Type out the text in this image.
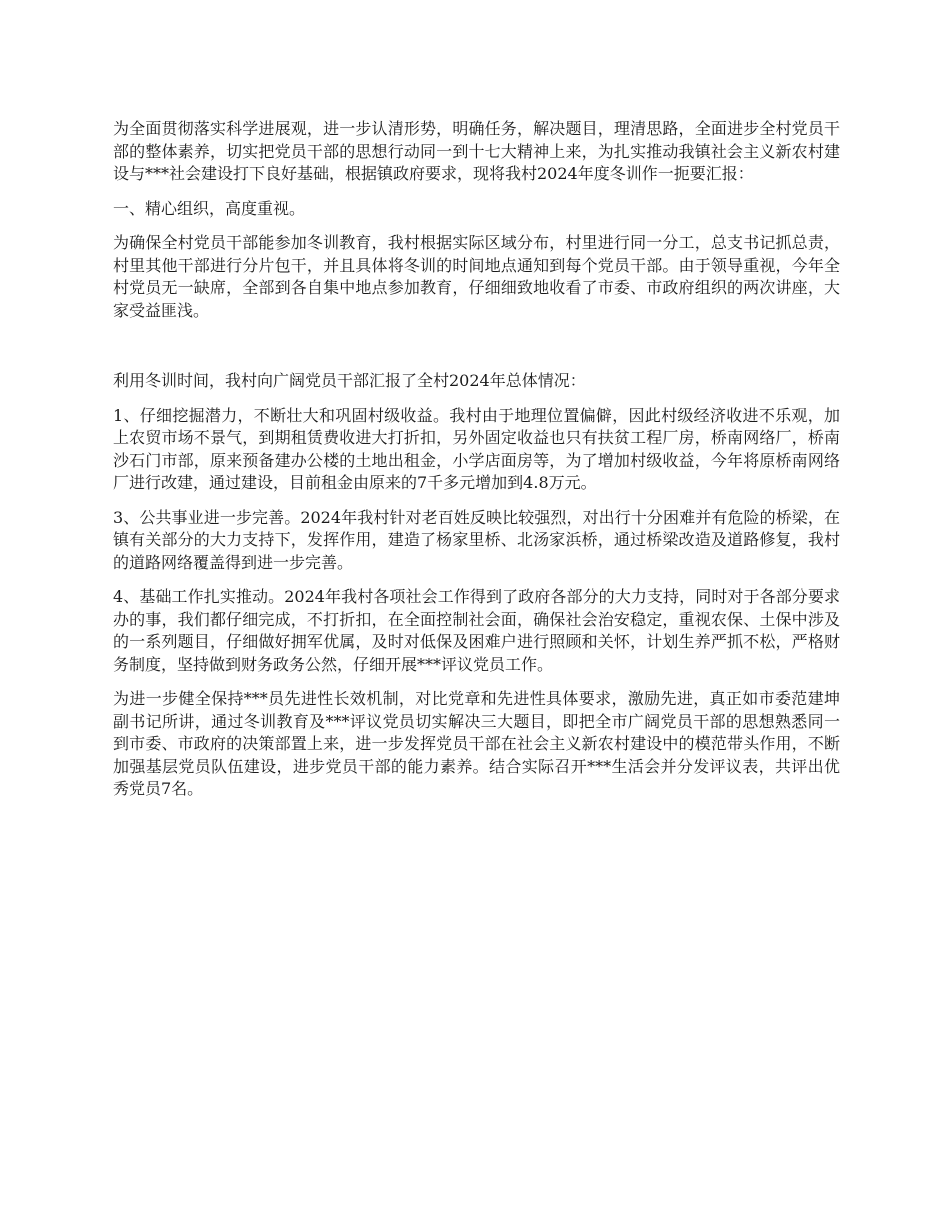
为全面贯彻落实科学进展观，进一步认清形势，明确任务，解决题目，理清思路，全面进步全村党员干部的整体素养，切实把党员干部的思想行动同一到十七大精神上来，为扎实推动我镇社会主义新农村建设与***社会建设打下良好基础，根据镇政府要求，现将我村2024年度冬训作一扼要汇报：

一、精心组织，高度重视。

为确保全村党员干部能参加冬训教育，我村根据实际区域分布，村里进行同一分工，总支书记抓总责，村里其他干部进行分片包干，并且具体将冬训的时间地点通知到每个党员干部。由于领导重视，今年全村党员无一缺席，全部到各自集中地点参加教育，仔细细致地收看了市委、市政府组织的两次讲座，大家受益匪浅。

利用冬训时间，我村向广阔党员干部汇报了全村2024年总体情况：

1、仔细挖掘潜力，不断壮大和巩固村级收益。我村由于地理位置偏僻，因此村级经济收进不乐观，加上农贸市场不景气，到期租赁费收进大打折扣，另外固定收益也只有扶贫工程厂房，桥南网络厂，桥南沙石门市部，原来预备建办公楼的土地出租金，小学店面房等，为了增加村级收益，今年将原桥南网络厂进行改建，通过建设，目前租金由原来的7千多元增加到4.8万元。

3、公共事业进一步完善。2024年我村针对老百姓反映比较强烈，对出行十分困难并有危险的桥梁，在镇有关部分的大力支持下，发挥作用，建造了杨家里桥、北汤家浜桥，通过桥梁改造及道路修复，我村的道路网络覆盖得到进一步完善。

4、基础工作扎实推动。2024年我村各项社会工作得到了政府各部分的大力支持，同时对于各部分要求办的事，我们都仔细完成，不打折扣，在全面控制社会面，确保社会治安稳定，重视农保、土保中涉及的一系列题目，仔细做好拥军优属，及时对低保及困难户进行照顾和关怀，计划生养严抓不松，严格财务制度，坚持做到财务政务公然，仔细开展***评议党员工作。

为进一步健全保持***员先进性长效机制，对比党章和先进性具体要求，激励先进，真正如市委范建坤副书记所讲，通过冬训教育及***评议党员切实解决三大题目，即把全市广阔党员干部的思想熟悉同一到市委、市政府的决策部置上来，进一步发挥党员干部在社会主义新农村建设中的模范带头作用，不断加强基层党员队伍建设，进步党员干部的能力素养。结合实际召开***生活会并分发评议表，共评出优秀党员7名。
